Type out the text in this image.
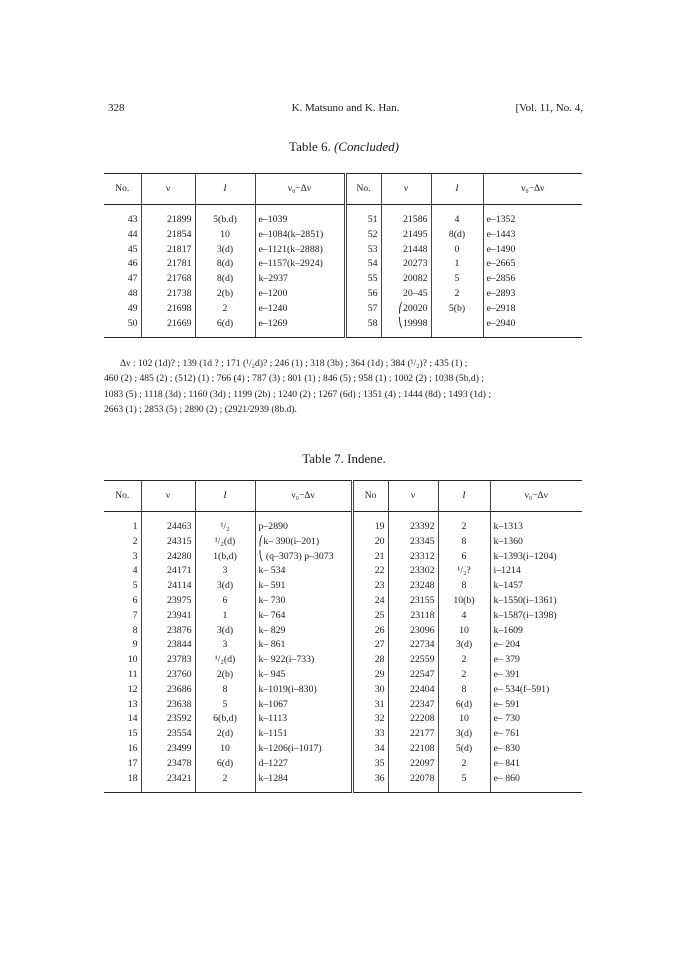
328	K. Matsuno and K. Han.	[Vol. 11, No. 4,
Table 6. (Concluded)
No.	ν	I	ν₀−Δν	No.	ν	I	ν₀−Δν
43	21899	5(b.d)	e–1039	51	21586	4	e–1352
44	21854	10	e–1084(k–2851)	52	21495	8(d)	e–1443
45	21817	3(d)	e–1121(k–2888)	53	21448	0	e–1490
46	21781	8(d)	e–1157(k–2924)	54	20273	1	e–2665
47	21768	8(d)	k–2937	55	20082	5	e–2856
48	21738	2(b)	e–1200	56	20–45	2	e–2893
49	21698	2	e–1240	57	⎛20020	5(b)	e–2918
50	21669	6(d)	e–1269	58	⎝19998		e–2940
Δν : 102 (1d)? ; 139 (1d ? ; 171 (¹/₂d)? ; 246 (1) ; 318 (3b) ; 364 (1d) ; 384 (¹/₂)? ; 435 (1) ;
460 (2) ; 485 (2) ; (512) (1) ; 766 (4) ; 787 (3) ; 801 (1) ; 846 (5) ; 958 (1) ; 1002 (2) ; 1038 (5b,d) ;
1083 (5) ; 1118 (3d) ; 1160 (3d) ; 1199 (2b) ; 1240 (2) ; 1267 (6d) ; 1351 (4) ; 1444 (8d) ; 1493 (1d) ;
2663 (1) ; 2853 (5) ; 2890 (2) ; (2921/2939 (8b.d).
Table 7. Indene.
No.	ν	I	ν₀−Δν	No	ν	I	ν₀−Δν
1	24463	¹/₂	p–2890	19	23392	2	k–1313
2	24315	¹/₂(d)	⎛k– 390(i–201)	20	23345	8	k–1360
3	24280	1(b,d)	⎝ (q–3073) p–3073	21	23312	6	k–1393(i–1204)
4	24171	3	k– 534	22	23302	¹/₂?	i–1214
5	24114	3(d)	k– 591	23	23248	8	k–1457
6	23975	6	k– 730	24	23155	10(b)	k–1550(i–1361)
7	23941	1	k– 764	25	23118	4	k–1587(i–1398)
8	23876	3(d)	k– 829	26	23096	10	k–1609
9	23844	3	k– 861	27	22734	3(d)	e– 204
10	23783	¹/₂(d)	k– 922(i–733)	28	22559	2	e– 379
11	23760	2(b)	k– 945	29	22547	2	e– 391
12	23686	8	k–1019(i–830)	30	22404	8	e– 534(f–591)
13	23638	5	k–1067	31	22347	6(d)	e– 591
14	23592	6(b,d)	k–1113	32	22208	10	e– 730
15	23554	2(d)	k–1151	33	22177	3(d)	e– 761
16	23499	10	k–1206(i–1017)	34	22108	5(d)	e– 830
17	23478	6(d)	d–1227	35	22097	2	e– 841
18	23421	2	k–1284	36	22078	5	e– 860
